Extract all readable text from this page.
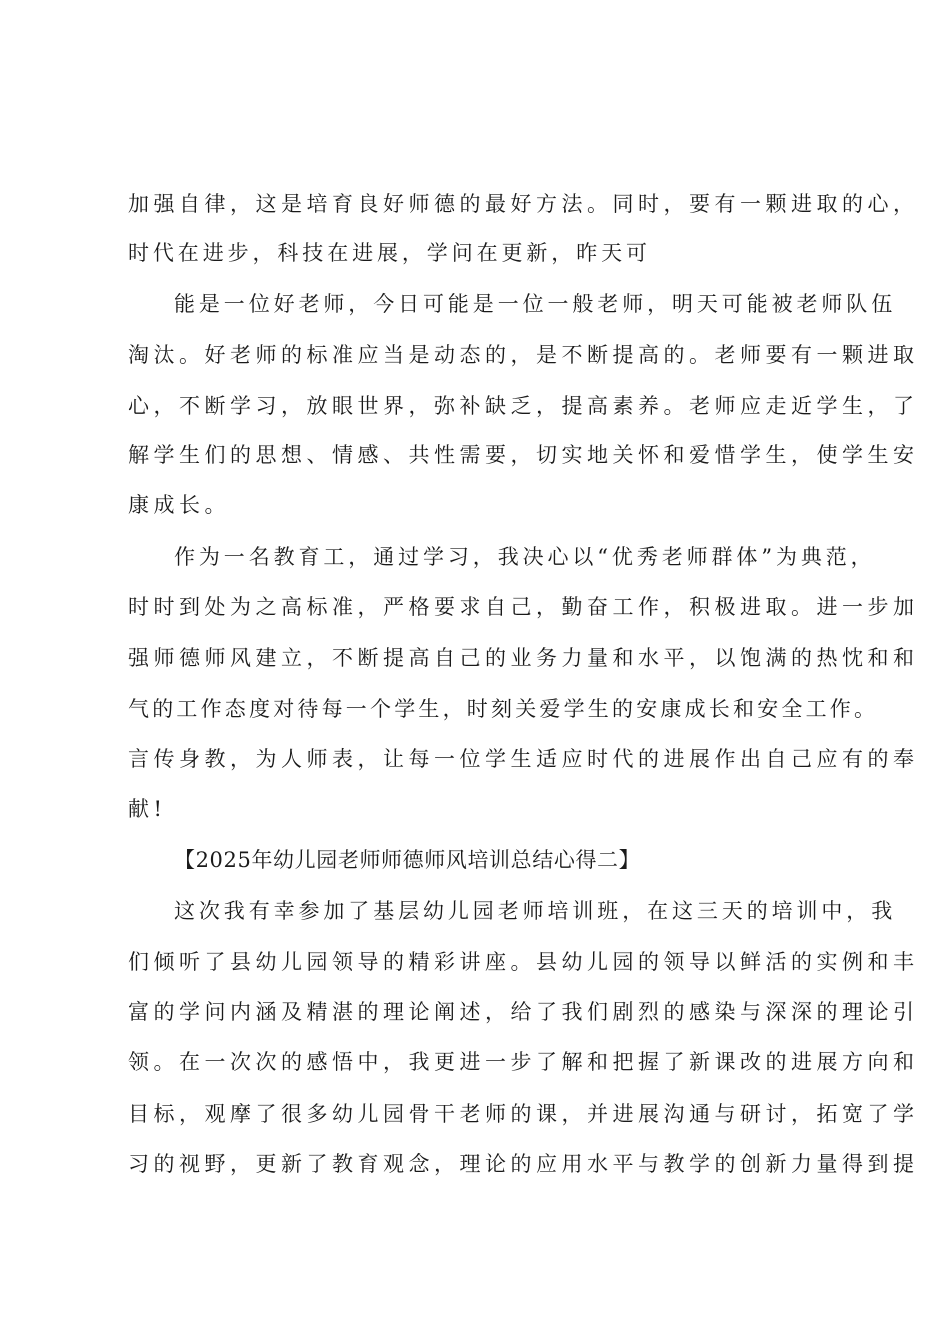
加强自律，这是培育良好师德的最好方法。同时，要有一颗进取的心，
时代在进步，科技在进展，学问在更新，昨天可
能是一位好老师，今日可能是一位一般老师，明天可能被老师队伍
淘汰。好老师的标准应当是动态的，是不断提高的。老师要有一颗进取
心，不断学习，放眼世界，弥补缺乏，提高素养。老师应走近学生，了
解学生们的思想、情感、共性需要，切实地关怀和爱惜学生，使学生安
康成长。
作为一名教育工，通过学习，我决心以“优秀老师群体”为典范，
时时到处为之高标准，严格要求自己，勤奋工作，积极进取。进一步加
强师德师风建立，不断提高自己的业务力量和水平，以饱满的热忱和和
气的工作态度对待每一个学生，时刻关爱学生的安康成长和安全工作。
言传身教，为人师表，让每一位学生适应时代的进展作出自己应有的奉
献!
【2025年幼儿园老师师德师风培训总结心得二】
这次我有幸参加了基层幼儿园老师培训班，在这三天的培训中，我
们倾听了县幼儿园领导的精彩讲座。县幼儿园的领导以鲜活的实例和丰
富的学问内涵及精湛的理论阐述，给了我们剧烈的感染与深深的理论引
领。在一次次的感悟中，我更进一步了解和把握了新课改的进展方向和
目标，观摩了很多幼儿园骨干老师的课，并进展沟通与研讨，拓宽了学
习的视野，更新了教育观念，理论的应用水平与教学的创新力量得到提
